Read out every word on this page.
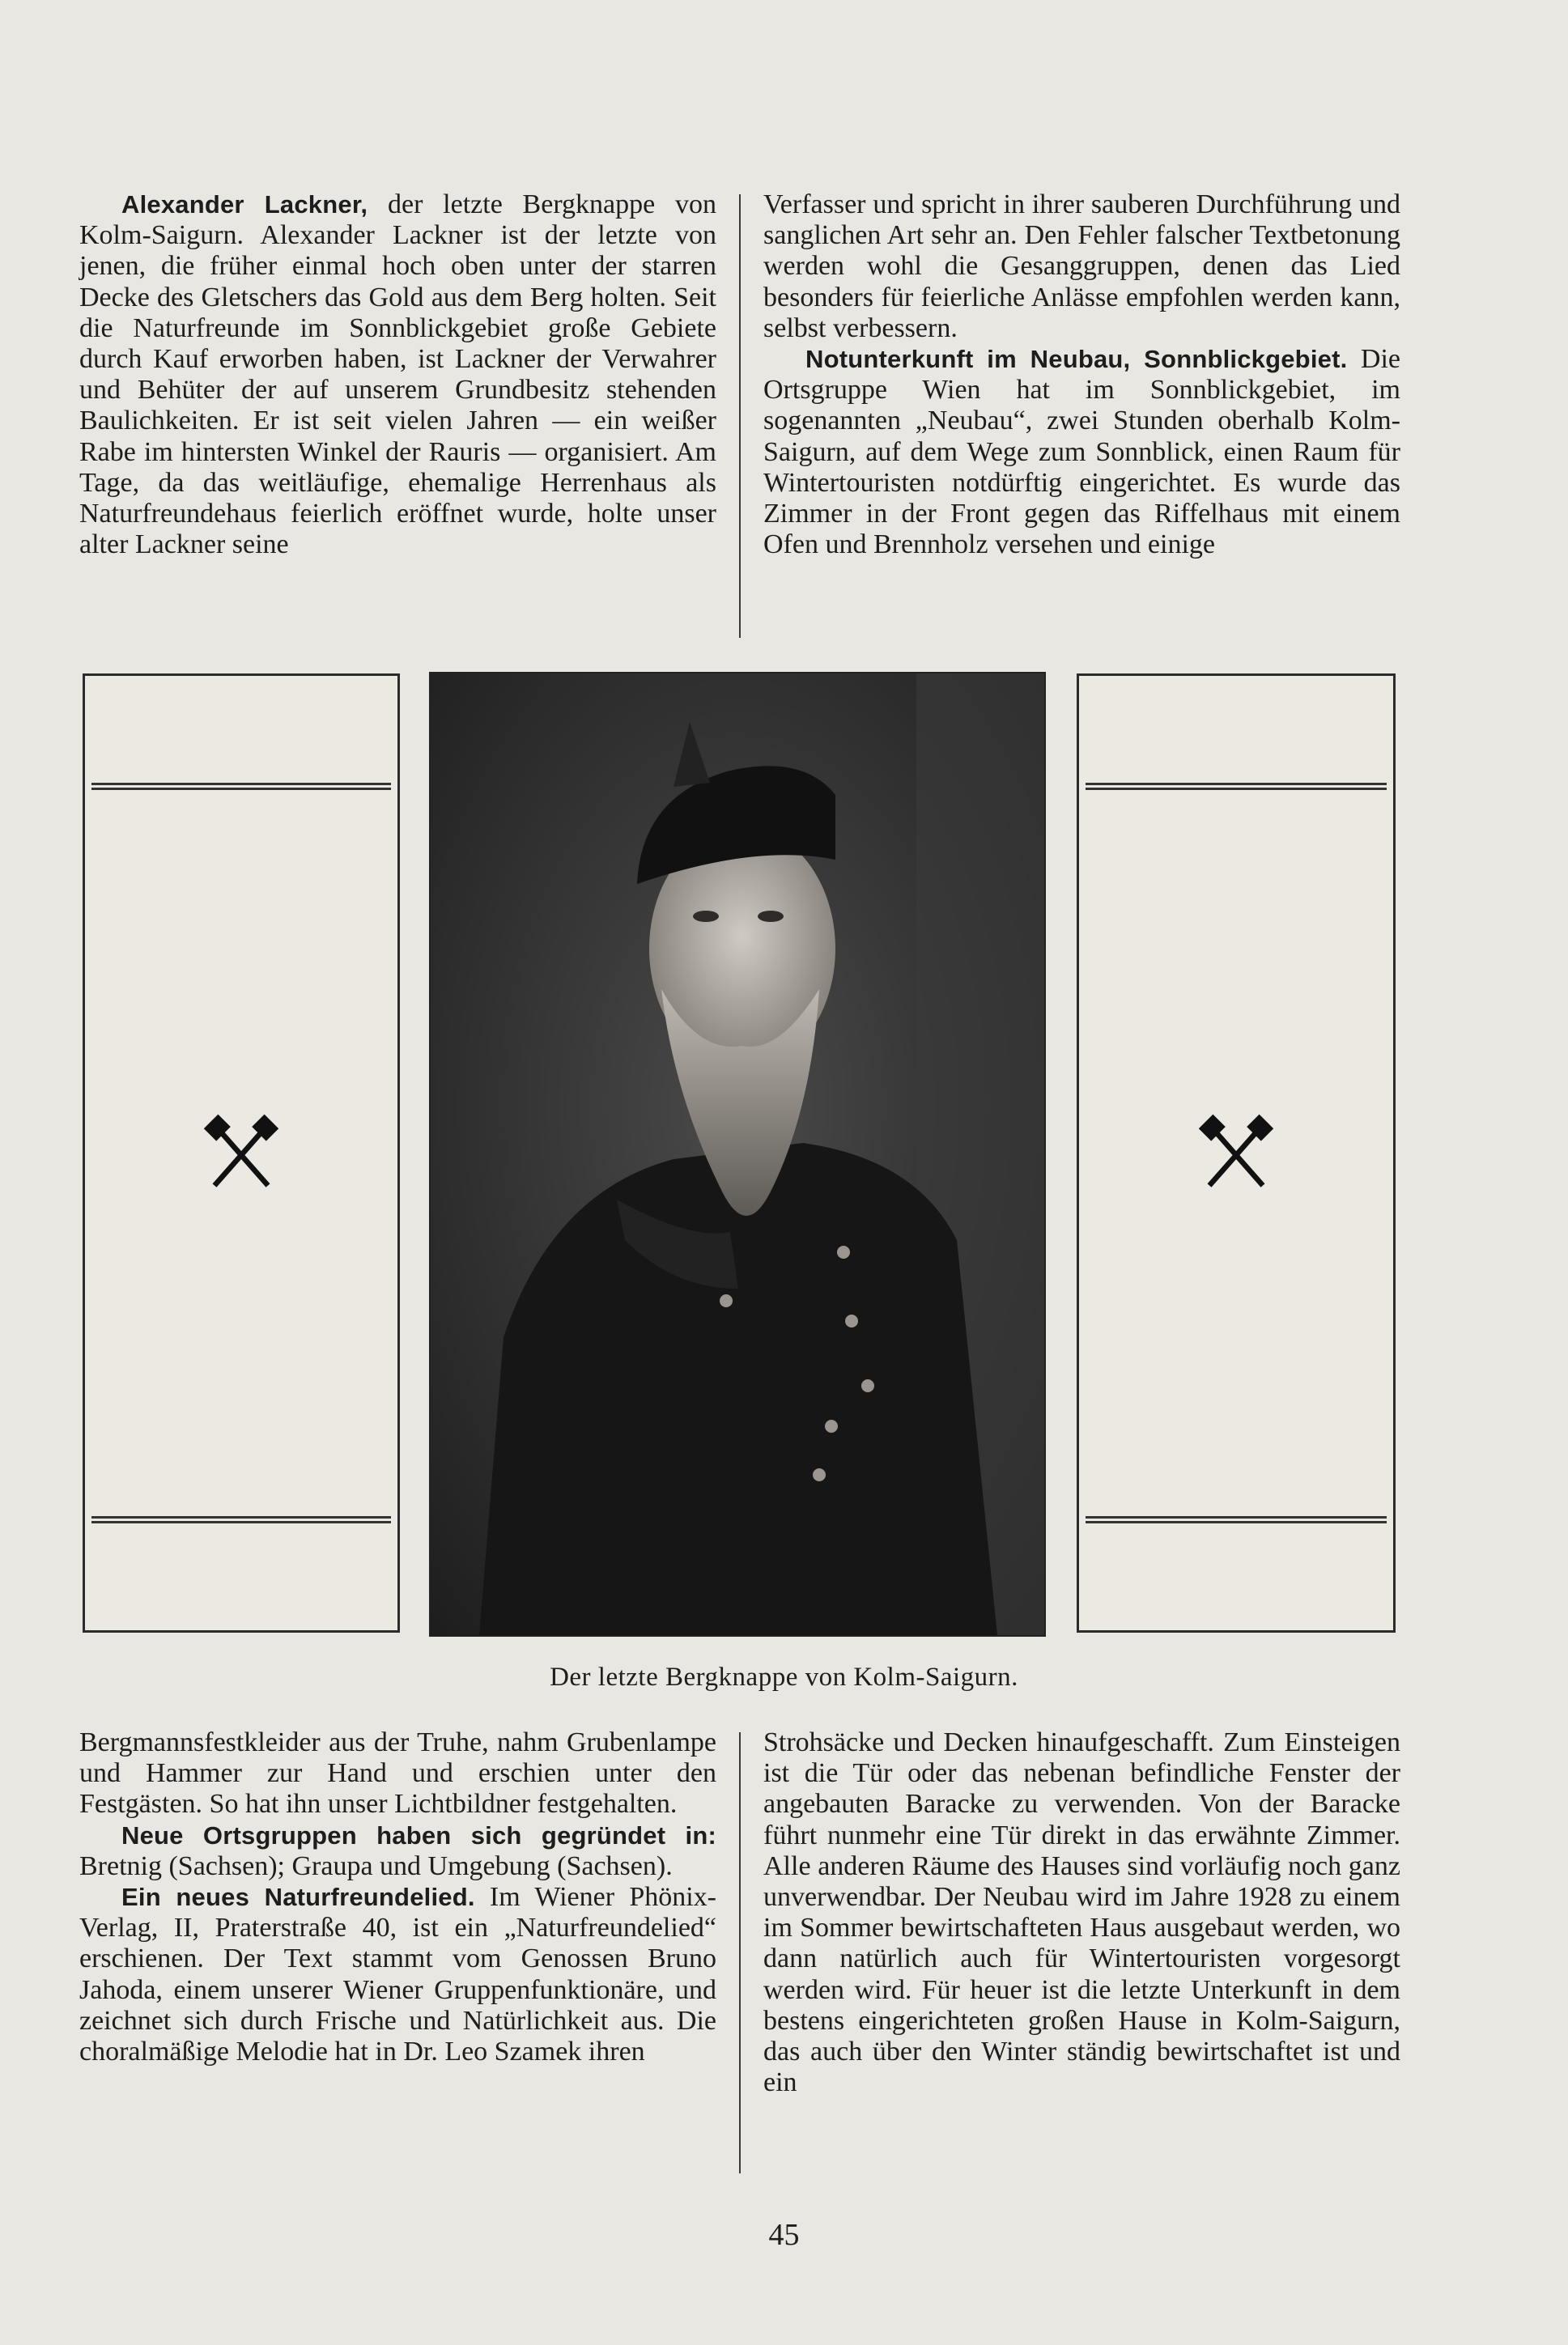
Alexander Lackner, der letzte Bergknappe von Kolm-Saigurn. Alexander Lackner ist der letzte von jenen, die früher einmal hoch oben unter der starren Decke des Gletschers das Gold aus dem Berg holten. Seit die Naturfreunde im Sonnblickgebiet große Gebiete durch Kauf erworben haben, ist Lackner der Verwahrer und Behüter der auf unserem Grundbesitz stehenden Baulichkeiten. Er ist seit vielen Jahren — ein weißer Rabe im hintersten Winkel der Rauris — organisiert. Am Tage, da das weitläufige, ehemalige Herrenhaus als Naturfreundehaus feierlich eröffnet wurde, holte unser alter Lackner seine

Verfasser und spricht in ihrer sauberen Durchführung und sanglichen Art sehr an. Den Fehler falscher Textbetonung werden wohl die Gesanggruppen, denen das Lied besonders für feierliche Anlässe empfohlen werden kann, selbst verbessern.

Notunterkunft im Neubau, Sonnblickgebiet. Die Ortsgruppe Wien hat im Sonnblickgebiet, im sogenannten „Neubau“, zwei Stunden oberhalb Kolm-Saigurn, auf dem Wege zum Sonnblick, einen Raum für Wintertouristen notdürftig eingerichtet. Es wurde das Zimmer in der Front gegen das Riffelhaus mit einem Ofen und Brennholz versehen und einige

Der letzte Bergknappe von Kolm-Saigurn.

Bergmannsfestkleider aus der Truhe, nahm Grubenlampe und Hammer zur Hand und erschien unter den Festgästen. So hat ihn unser Lichtbildner festgehalten.

Neue Ortsgruppen haben sich gegründet in: Bretnig (Sachsen); Graupa und Umgebung (Sachsen).

Ein neues Naturfreundelied. Im Wiener Phönix-Verlag, II, Praterstraße 40, ist ein „Naturfreundelied“ erschienen. Der Text stammt vom Genossen Bruno Jahoda, einem unserer Wiener Gruppenfunktionäre, und zeichnet sich durch Frische und Natürlichkeit aus. Die choralmäßige Melodie hat in Dr. Leo Szamek ihren

Strohsäcke und Decken hinaufgeschafft. Zum Einsteigen ist die Tür oder das nebenan befindliche Fenster der angebauten Baracke zu verwenden. Von der Baracke führt nunmehr eine Tür direkt in das erwähnte Zimmer. Alle anderen Räume des Hauses sind vorläufig noch ganz unverwendbar. Der Neubau wird im Jahre 1928 zu einem im Sommer bewirtschafteten Haus ausgebaut werden, wo dann natürlich auch für Wintertouristen vorgesorgt werden wird. Für heuer ist die letzte Unterkunft in dem bestens eingerichteten großen Hause in Kolm-Saigurn, das auch über den Winter ständig bewirtschaftet ist und ein

45
